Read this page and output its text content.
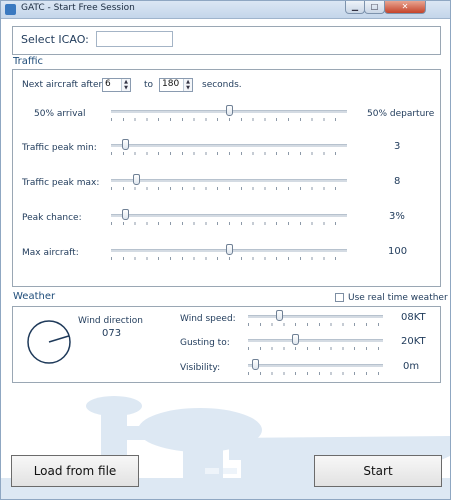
GATC - Start Free Session	▁	□	✕
Select ICAO:
Traffic
Next aircraft after 6	▲
▼ to 180	▲
▼ seconds.
50% arrival	50% departure
Traffic peak min:	3
Traffic peak max:	8
Peak chance:	3%
Max aircraft:	100
Weather	Use real time weather
Wind direction
073
Wind speed:	08KT
Gusting to:	20KT
Visibility:	0m
Load from file	Start
